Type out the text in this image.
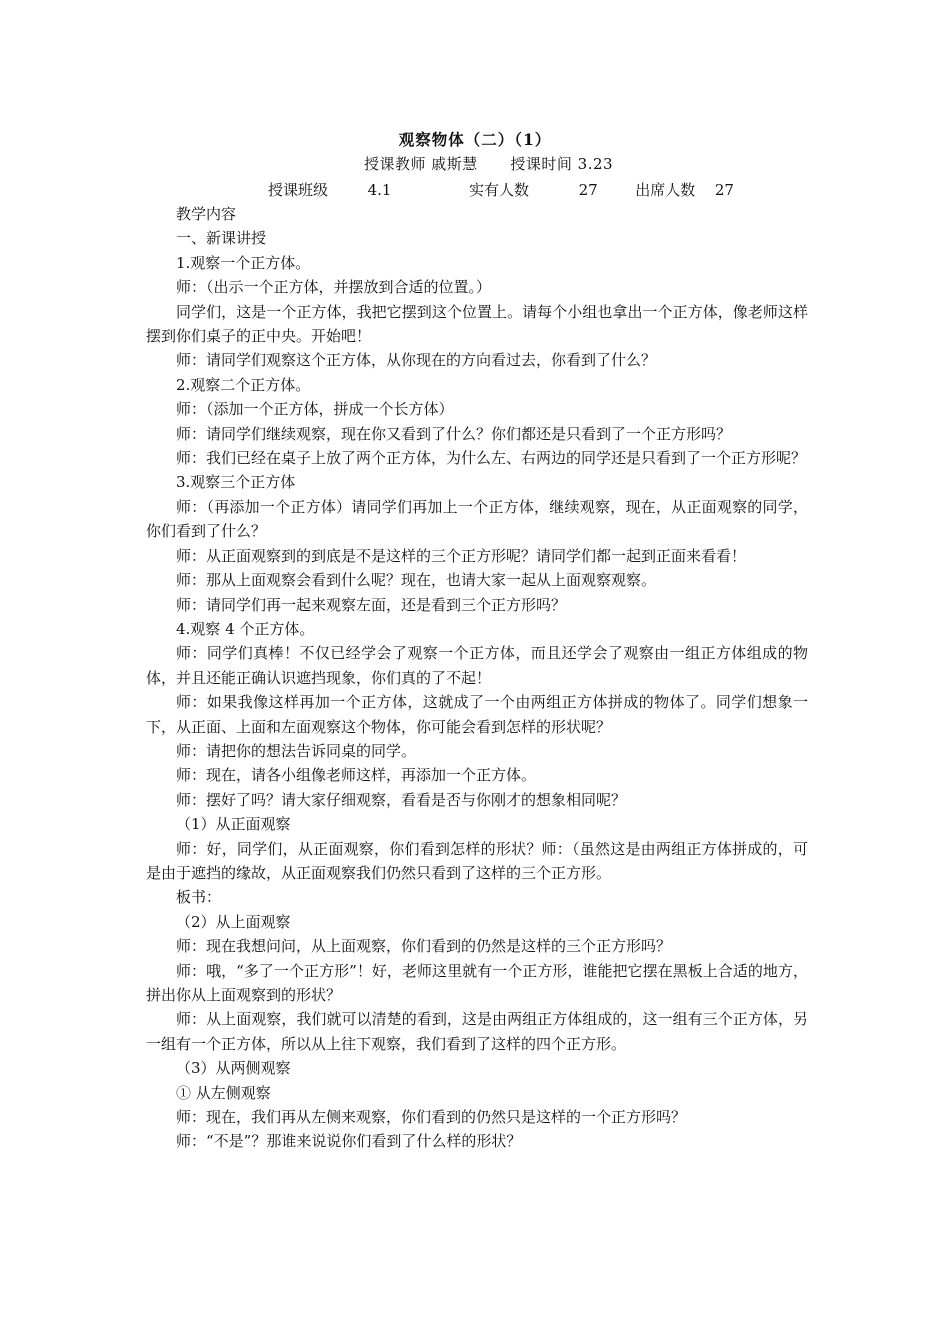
观察物体（二）（1）
授课教师 戚斯慧 授课时间 3.23
授课班级	4.1	实有人数	27	出席人数 27

教学内容

一、新课讲授

1.观察一个正方体。

师：（出示一个正方体，并摆放到合适的位置。）

同学们，这是一个正方体，我把它摆到这个位置上。请每个小组也拿出一个正方体，像老师这样摆到你们桌子的正中央。开始吧！

师：请同学们观察这个正方体，从你现在的方向看过去，你看到了什么？

2.观察二个正方体。

师：（添加一个正方体，拼成一个长方体）

师：请同学们继续观察，现在你又看到了什么？你们都还是只看到了一个正方形吗？

师：我们已经在桌子上放了两个正方体，为什么左、右两边的同学还是只看到了一个正方形呢？

3.观察三个正方体

师：（再添加一个正方体）请同学们再加上一个正方体，继续观察，现在，从正面观察的同学，你们看到了什么？

师：从正面观察到的到底是不是这样的三个正方形呢？请同学们都一起到正面来看看！

师：那从上面观察会看到什么呢？现在，也请大家一起从上面观察观察。

师：请同学们再一起来观察左面，还是看到三个正方形吗？

4.观察 4 个正方体。

师：同学们真棒！不仅已经学会了观察一个正方体，而且还学会了观察由一组正方体组成的物体，并且还能正确认识遮挡现象，你们真的了不起！

师：如果我像这样再加一个正方体，这就成了一个由两组正方体拼成的物体了。同学们想象一下，从正面、上面和左面观察这个物体，你可能会看到怎样的形状呢？

师：请把你的想法告诉同桌的同学。

师：现在，请各小组像老师这样，再添加一个正方体。

师：摆好了吗？请大家仔细观察，看看是否与你刚才的想象相同呢？

（1）从正面观察

师：好，同学们，从正面观察，你们看到怎样的形状？师：（虽然这是由两组正方体拼成的，可是由于遮挡的缘故，从正面观察我们仍然只看到了这样的三个正方形。

板书：

（2）从上面观察

师：现在我想问问，从上面观察，你们看到的仍然是这样的三个正方形吗？

师：哦，“多了一个正方形”！好，老师这里就有一个正方形，谁能把它摆在黑板上合适的地方，拼出你从上面观察到的形状？

师：从上面观察，我们就可以清楚的看到，这是由两组正方体组成的，这一组有三个正方体，另一组有一个正方体，所以从上往下观察，我们看到了这样的四个正方形。

（3）从两侧观察

① 从左侧观察

师：现在，我们再从左侧来观察，你们看到的仍然只是这样的一个正方形吗？

师：“不是”？那谁来说说你们看到了什么样的形状？
